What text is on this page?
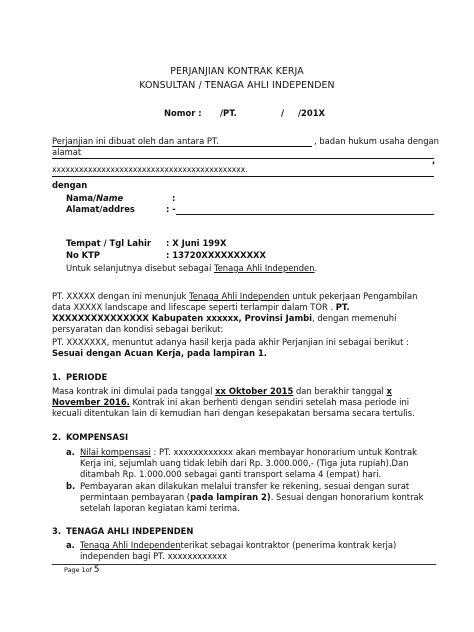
PERJANJIAN KONTRAK KERJA
KONSULTAN / TENAGA AHLI INDEPENDEN
Nomor : /PT.	/ /201X
Perjanjian ini dibuat oleh dan antara PT.	, badan hukum usaha dengan
alamat
,
xxxxxxxxxxxxxxxxxxxxxxxxxxxxxxxxxxxxxxxxxxx.
dengan
Nama/Name	:
Alamat/addres	: -
Tempat / Tgl Lahir : X Juni 199X
No KTP	: 13720XXXXXXXXXX
Untuk selanjutnya disebut sebagai Tenaga Ahli Independen.
PT. XXXXX dengan ini menunjuk Tenaga Ahli Independen untuk pekerjaan Pengambilan
data XXXXX landscape and lifescape seperti terlampir dalam TOR . PT.
XXXXXXXXXXXXXXX Kabupaten xxxxxx, Provinsi Jambi, dengan memenuhi
persyaratan dan kondisi sebagai berikut:
PT. XXXXXXX, menuntut adanya hasil kerja pada akhir Perjanjian ini sebagai berikut :
Sesuai dengan Acuan Kerja, pada lampiran 1.
1. PERIODE
Masa kontrak ini dimulai pada tanggal xx Oktober 2015 dan berakhir tanggal x
November 2016. Kontrak ini akan berhenti dengan sendiri setelah masa periode ini
kecuali ditentukan lain di kemudian hari dengan kesepakatan bersama secara tertulis.
2. KOMPENSASI
a. Nilai kompensasi : PT. xxxxxxxxxxxx akan membayar honorarium untuk Kontrak
Kerja ini, sejumlah uang tidak lebih dari Rp. 3.000.000,- (Tiga juta rupiah).Dan
ditambah Rp. 1.000.000 sebagai ganti transport selama 4 (empat) hari.
b. Pembayaran akan dilakukan melalui transfer ke rekening, sesuai dengan surat
permintaan pembayaran (pada lampiran 2). Sesuai dengan honorarium kontrak
setelah laporan kegiatan kami terima.
3. TENAGA AHLI INDEPENDEN
a. Tenaga Ahli Independenterikat sebagai kontraktor (penerima kontrak kerja)
independen bagi PT. xxxxxxxxxxxx
Page 1of 5
